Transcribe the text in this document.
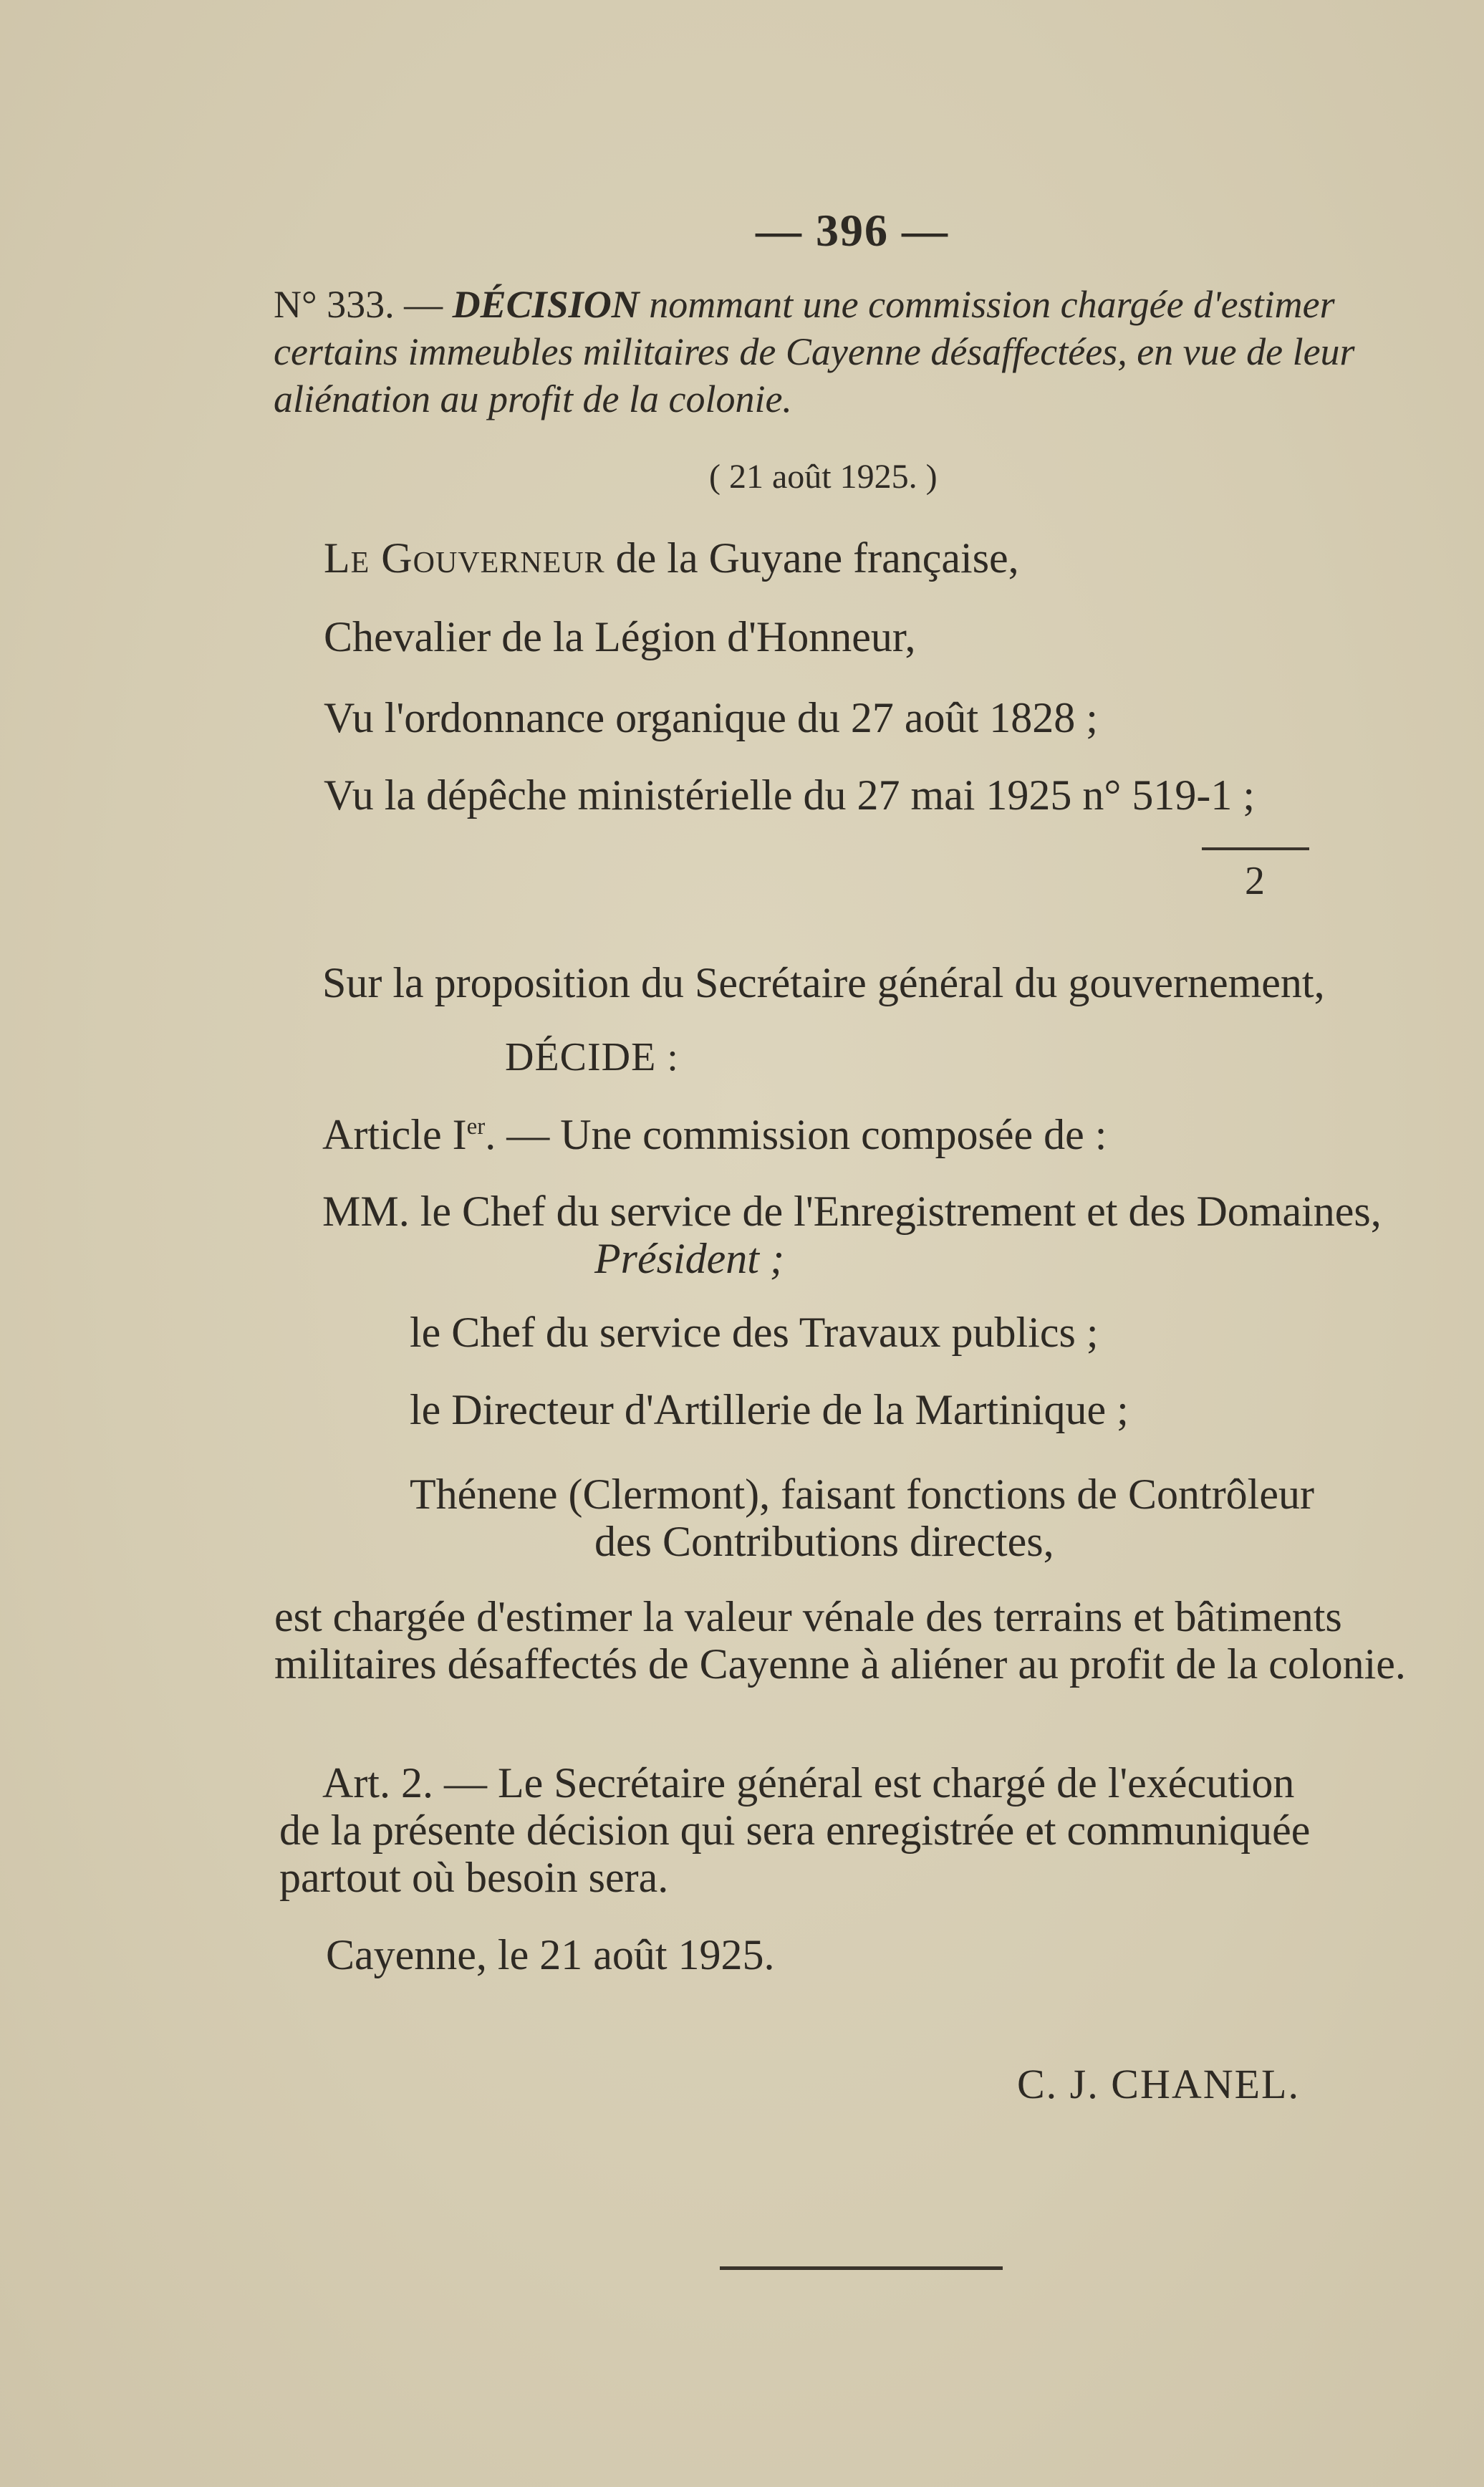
— 396 —
N° 333. — DÉCISION nommant une commission chargée d'estimer certains immeubles militaires de Cayenne désaffectées, en vue de leur aliénation au profit de la colonie.
( 21 août 1925. )
Le Gouverneur de la Guyane française,
Chevalier de la Légion d'Honneur,
Vu l'ordonnance organique du 27 août 1828 ;
Vu la dépêche ministérielle du 27 mai 1925 n° 519-1 ;
2
Sur la proposition du Secrétaire général du gouvernement,
DÉCIDE :
Article Ier. — Une commission composée de :
MM. le Chef du service de l'Enregistrement et des Domaines,
Président ;
le Chef du service des Travaux publics ;
le Directeur d'Artillerie de la Martinique ;
Thénene (Clermont), faisant fonctions de Contrôleur
des Contributions directes,
est chargée d'estimer la valeur vénale des terrains et bâtiments militaires désaffectés de Cayenne à aliéner au profit de la colonie.
Art. 2. — Le Secrétaire général est chargé de l'exécution
de la présente décision qui sera enregistrée et communiquée partout où besoin sera.
Cayenne, le 21 août 1925.
C. J. CHANEL.
